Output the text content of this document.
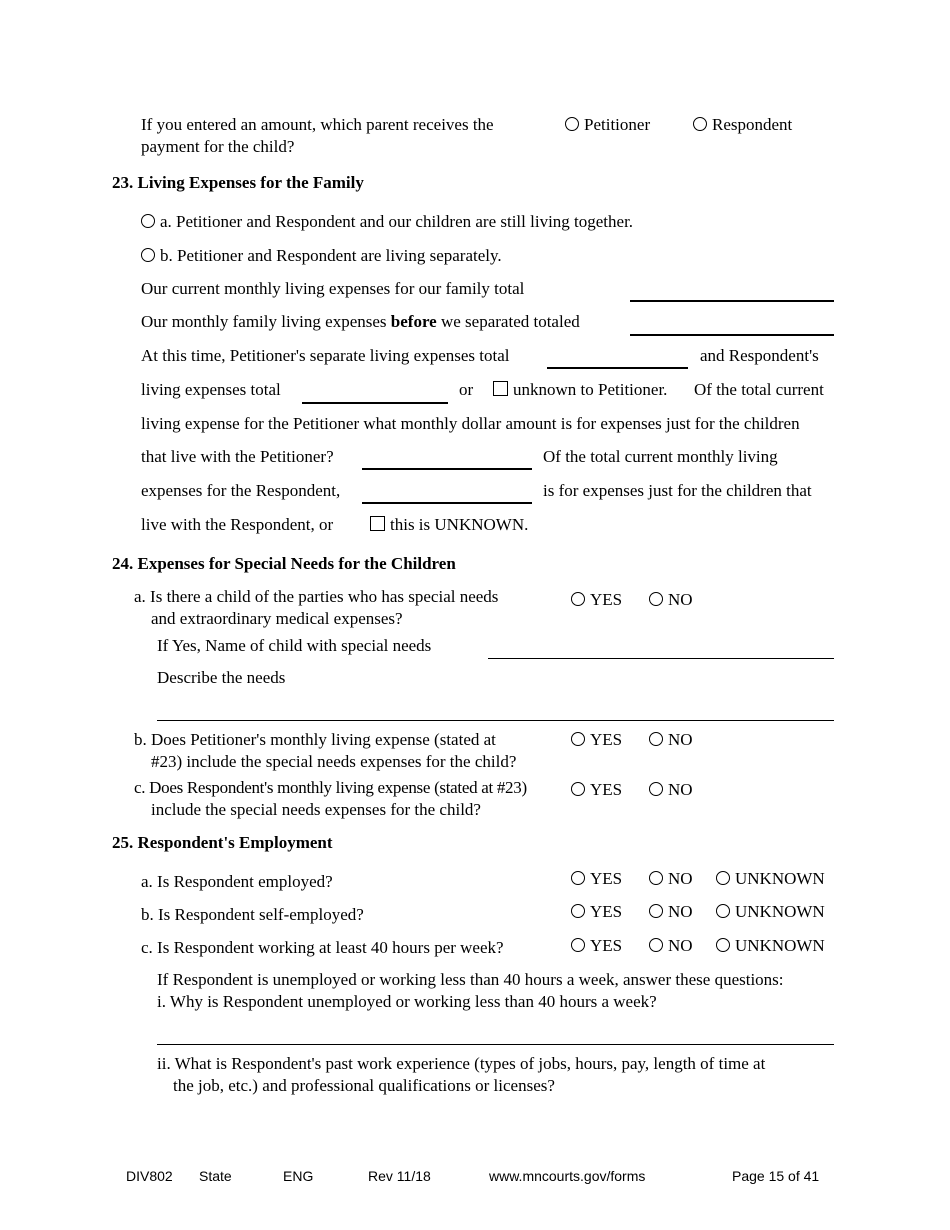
If you entered an amount, which parent receives the
payment for the child?
Petitioner	Respondent
23. Living Expenses for the Family
a. Petitioner and Respondent and our children are still living together.
b. Petitioner and Respondent are living separately.
Our current monthly living expenses for our family total
Our monthly family living expenses before we separated totaled
At this time, Petitioner's separate living expenses total	and Respondent's
living expenses total	or	unknown to Petitioner. Of the total current
living expense for the Petitioner what monthly dollar amount is for expenses just for the children
that live with the Petitioner?	Of the total current monthly living
expenses for the Respondent,	is for expenses just for the children that
live with the Respondent, or	this is UNKNOWN.
24. Expenses for Special Needs for the Children
a. Is there a child of the parties who has special needs
and extraordinary medical expenses?
YES	NO
If Yes, Name of child with special needs
Describe the needs
b. Does Petitioner's monthly living expense (stated at
#23) include the special needs expenses for the child?
YES	NO
c. Does Respondent's monthly living expense (stated at #23)
include the special needs expenses for the child?
YES	NO
25. Respondent's Employment
a. Is Respondent employed?	YES	NO	UNKNOWN
b. Is Respondent self-employed?	YES	NO	UNKNOWN
c. Is Respondent working at least 40 hours per week?	YES	NO	UNKNOWN
If Respondent is unemployed or working less than 40 hours a week, answer these questions:
i. Why is Respondent unemployed or working less than 40 hours a week?
ii. What is Respondent's past work experience (types of jobs, hours, pay, length of time at
the job, etc.) and professional qualifications or licenses?
DIV802 State	ENG	Rev 11/18	www.mncourts.gov/forms	Page 15 of 41
